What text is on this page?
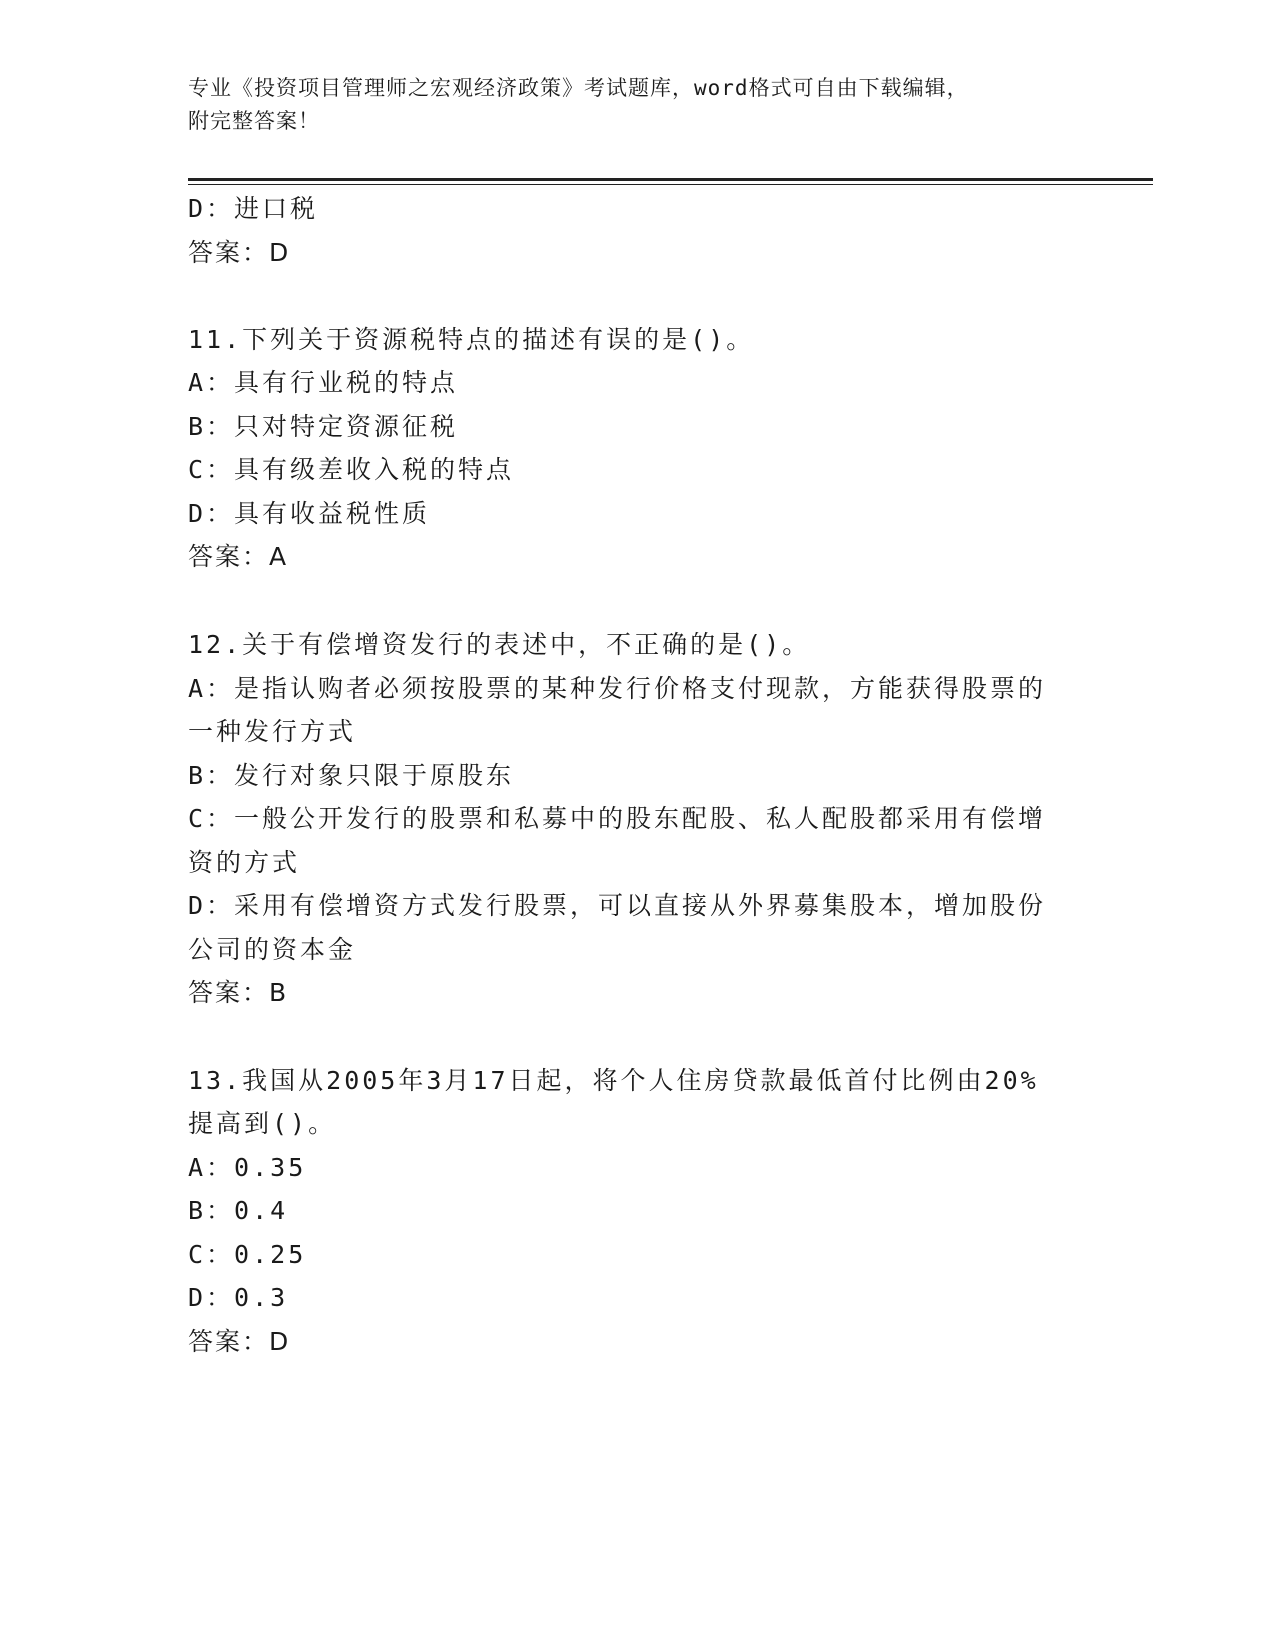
专业《投资项目管理师之宏观经济政策》考试题库，word格式可自由下载编辑，
附完整答案！
D：进口税
答案：D
11.下列关于资源税特点的描述有误的是()。
A：具有行业税的特点
B：只对特定资源征税
C：具有级差收入税的特点
D：具有收益税性质
答案：A
12.关于有偿增资发行的表述中，不正确的是()。
A：是指认购者必须按股票的某种发行价格支付现款，方能获得股票的
一种发行方式
B：发行对象只限于原股东
C：一般公开发行的股票和私募中的股东配股、私人配股都采用有偿增
资的方式
D：采用有偿增资方式发行股票，可以直接从外界募集股本，增加股份
公司的资本金
答案：B
13.我国从2005年3月17日起，将个人住房贷款最低首付比例由20%
提高到()。
A：0.35
B：0.4
C：0.25
D：0.3
答案：D
